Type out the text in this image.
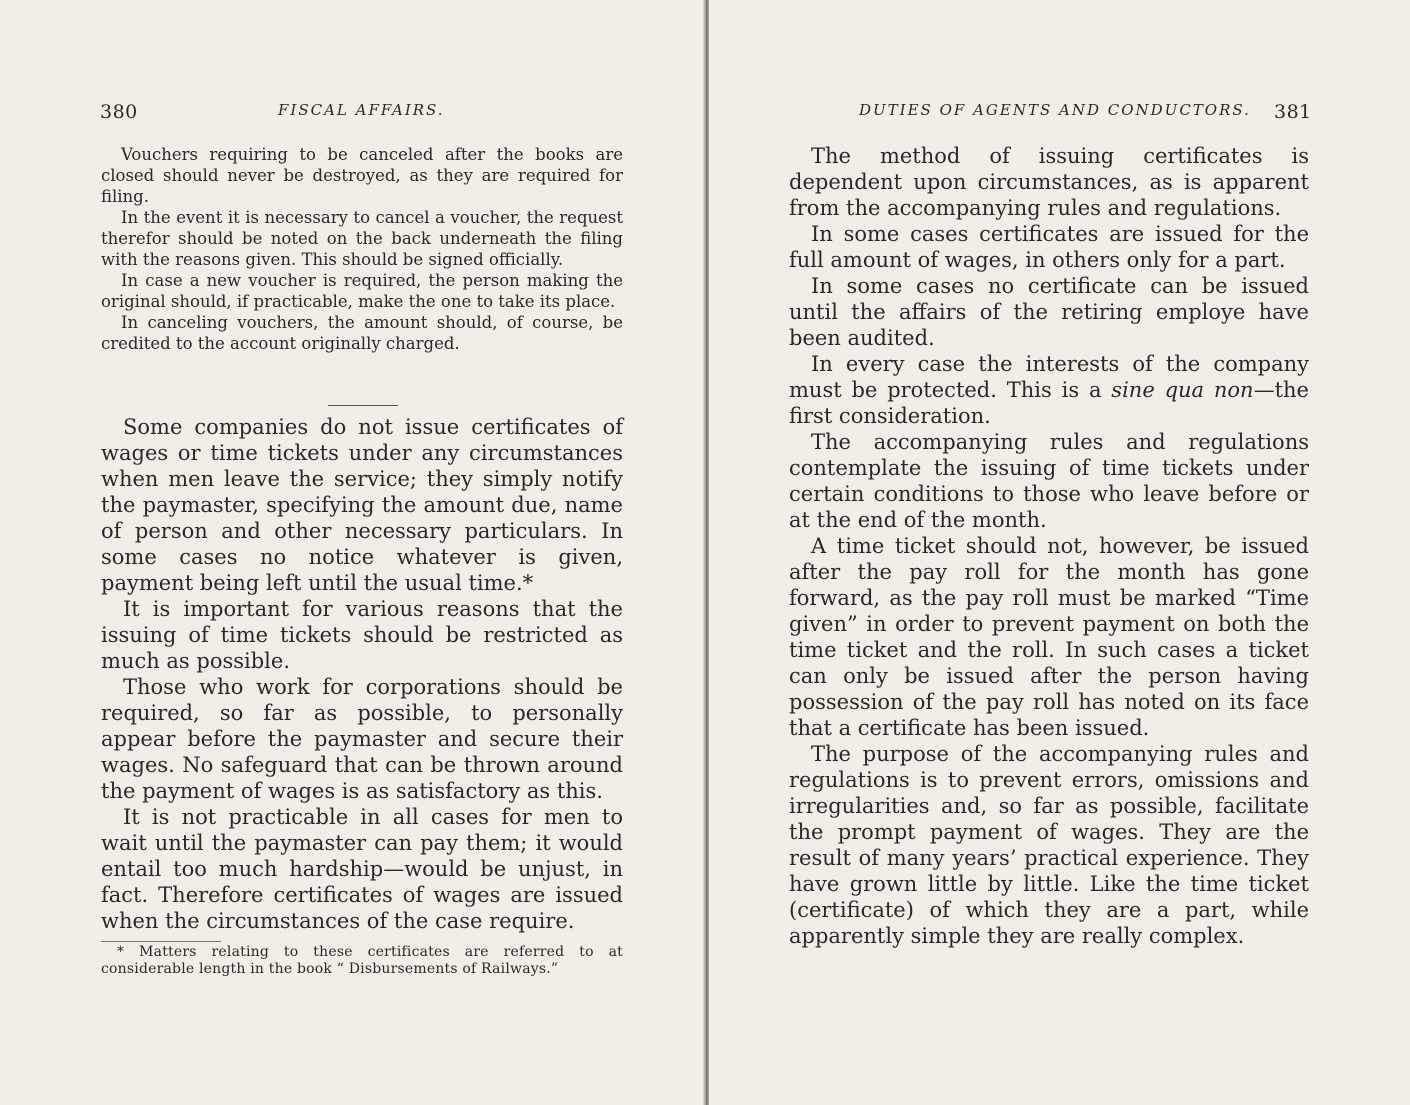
380	FISCAL AFFAIRS.

Vouchers requiring to be canceled after the books are closed should never be destroyed, as they are required for filing.

In the event it is necessary to cancel a voucher, the request therefor should be noted on the back underneath the filing with the reasons given. This should be signed officially.

In case a new voucher is required, the person making the original should, if practicable, make the one to take its place.

In canceling vouchers, the amount should, of course, be credited to the account originally charged.

Some companies do not issue certificates of wages or time tickets under any circumstances when men leave the service; they simply notify the paymaster, specifying the amount due, name of person and other necessary particulars. In some cases no notice whatever is given, payment being left until the usual time.*

It is important for various reasons that the issuing of time tickets should be restricted as much as possible.

Those who work for corporations should be required, so far as possible, to personally appear before the paymaster and secure their wages. No safeguard that can be thrown around the payment of wages is as satisfactory as this.

It is not practicable in all cases for men to wait until the paymaster can pay them; it would entail too much hardship—would be unjust, in fact. Therefore certificates of wages are issued when the circumstances of the case require.

* Matters relating to these certificates are referred to at considerable length in the book “ Disbursements of Railways.”

DUTIES OF AGENTS AND CONDUCTORS. 381

The method of issuing certificates is dependent upon circumstances, as is apparent from the accompanying rules and regulations.

In some cases certificates are issued for the full amount of wages, in others only for a part.

In some cases no certificate can be issued until the affairs of the retiring employe have been audited.

In every case the interests of the company must be protected. This is a sine qua non—the first consideration.

The accompanying rules and regulations contemplate the issuing of time tickets under certain conditions to those who leave before or at the end of the month.

A time ticket should not, however, be issued after the pay roll for the month has gone forward, as the pay roll must be marked “Time given” in order to prevent payment on both the time ticket and the roll. In such cases a ticket can only be issued after the person having possession of the pay roll has noted on its face that a certificate has been issued.

The purpose of the accompanying rules and regulations is to prevent errors, omissions and irregularities and, so far as possible, facilitate the prompt payment of wages. They are the result of many years’ practical experience. They have grown little by little. Like the time ticket (certificate) of which they are a part, while apparently simple they are really complex.
